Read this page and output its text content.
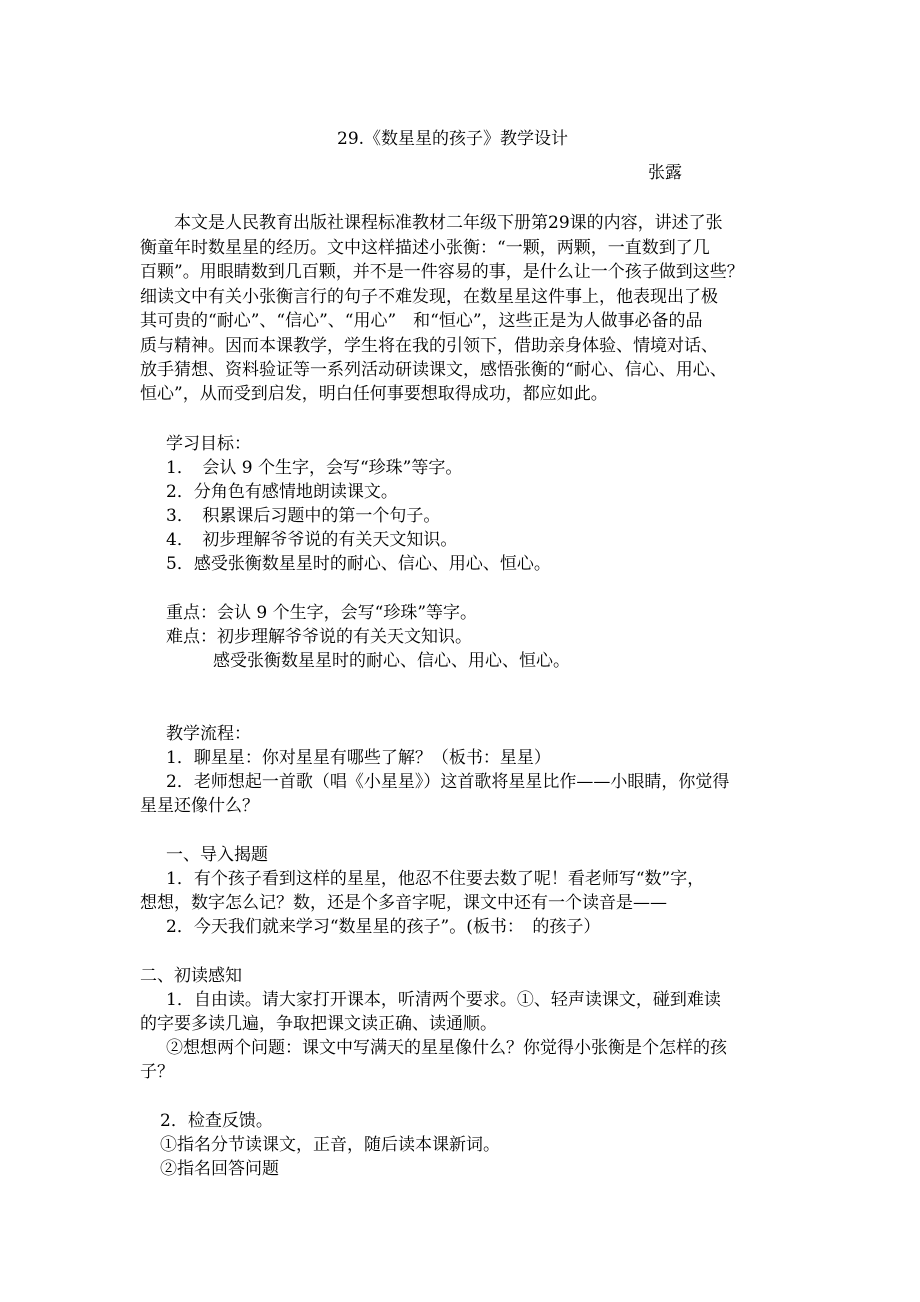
29.《数星星的孩子》教学设计
张露
本文是人民教育出版社课程标准教材二年级下册第29课的内容，讲述了张
衡童年时数星星的经历。文中这样描述小张衡：“一颗，两颗，一直数到了几
百颗”。用眼睛数到几百颗，并不是一件容易的事，是什么让一个孩子做到这些？
细读文中有关小张衡言行的句子不难发现，在数星星这件事上，他表现出了极
其可贵的“耐心”、“信心”、“用心”　和“恒心”，这些正是为人做事必备的品
质与精神。因而本课教学，学生将在我的引领下，借助亲身体验、情境对话、
放手猜想、资料验证等一系列活动研读课文，感悟张衡的“耐心、信心、用心、
恒心”，从而受到启发，明白任何事要想取得成功，都应如此。
学习目标：
1．　会认 9 个生字，会写“珍珠”等字。
2．分角色有感情地朗读课文。
3．　积累课后习题中的第一个句子。
4．　初步理解爷爷说的有关天文知识。
5．感受张衡数星星时的耐心、信心、用心、恒心。
重点：会认 9 个生字，会写“珍珠”等字。
难点：初步理解爷爷说的有关天文知识。
感受张衡数星星时的耐心、信心、用心、恒心。
教学流程：
1．聊星星：你对星星有哪些了解？（板书：星星）
2．老师想起一首歌（唱《小星星》）这首歌将星星比作——小眼睛，你觉得
星星还像什么？
一、导入揭题
1．有个孩子看到这样的星星，他忍不住要去数了呢！看老师写“数”字，
想想，数字怎么记？数，还是个多音字呢，课文中还有一个读音是——
2．今天我们就来学习“数星星的孩子”。(板书：　的孩子）
二、初读感知
1．自由读。请大家打开课本，听清两个要求。①、轻声读课文，碰到难读
的字要多读几遍，争取把课文读正确、读通顺。
②想想两个问题：课文中写满天的星星像什么？你觉得小张衡是个怎样的孩
子？
2．检查反馈。
①指名分节读课文，正音，随后读本课新词。
②指名回答问题
